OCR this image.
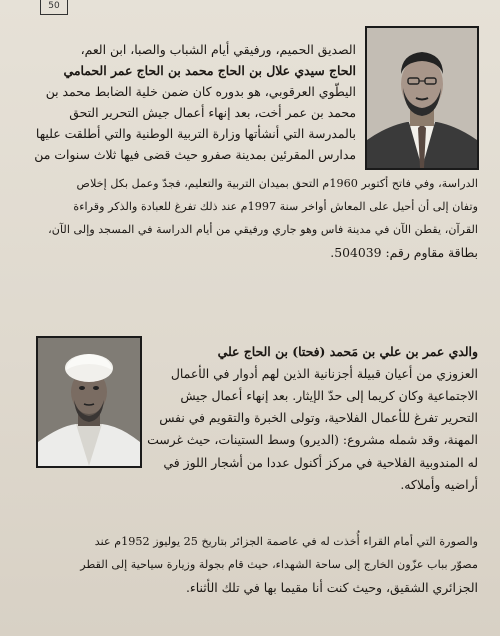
50
الصديق الحميم، ورفيقي أيام الشباب والصبا، ابن العم،
الحاج سيدي علال بن الحاج محمد بن الحاج عمر الحمامي
اليطّوي العرقوبي، هو بدوره كان ضمن خلية الضابط محمد بن
محمد بن عمر أخت، بعد إنهاء أعمال جيش التحرير التحق
بالمدرسة التي أنشأتها وزارة التربية الوطنية والتي أطلقت عليها
مدارس المقرئين بمدينة صفرو حيث قضى فيها ثلاث سنوات من
الدراسة، وفي فاتح أكتوبر 1960م التحق بميدان التربية والتعليم، فجدّ وعمل بكل إخلاص
وتفان إلى أن أحيل على المعاش أواخر سنة 1997م عند ذلك تفرغ للعبادة والذكر وقراءة
القرآن، يقطن الآن في مدينة فاس وهو جاري ورفيقي من أيام الدراسة في المسجد وإلى الآن،
بطاقة مقاوم رقم: 504039.
والدي عمر بن علي بن مَحمد (فحتا) بن الحاج علي
العزوزي من أعيان قبيلة أجزنانية الذين لهم أدوار في الأعمال
الاجتماعية وكان كريما إلى حدّ الإيثار. بعد إنهاء أعمال جيش
التحرير تفرغ للأعمال الفلاحية، وتولى الخبرة والتقويم في نفس
المهنة، وقد شمله مشروع: (الديرو) وسط الستينات، حيث غرست
له المندوبية الفلاحية في مركز أكنول عددا من أشجار اللوز في
أراضيه وأملاكه.
والصورة التي أمام القراء أُخذت له في عاصمة الجزائر بتاريخ 25 يوليوز 1952م عند
مصوّر بباب عزّون الخارج إلى ساحة الشهداء، حيث قام بجولة وزيارة سياحية إلى القطر
الجزائري الشقيق، وحيث كنت أنا مقيما بها في تلك الأثناء.
